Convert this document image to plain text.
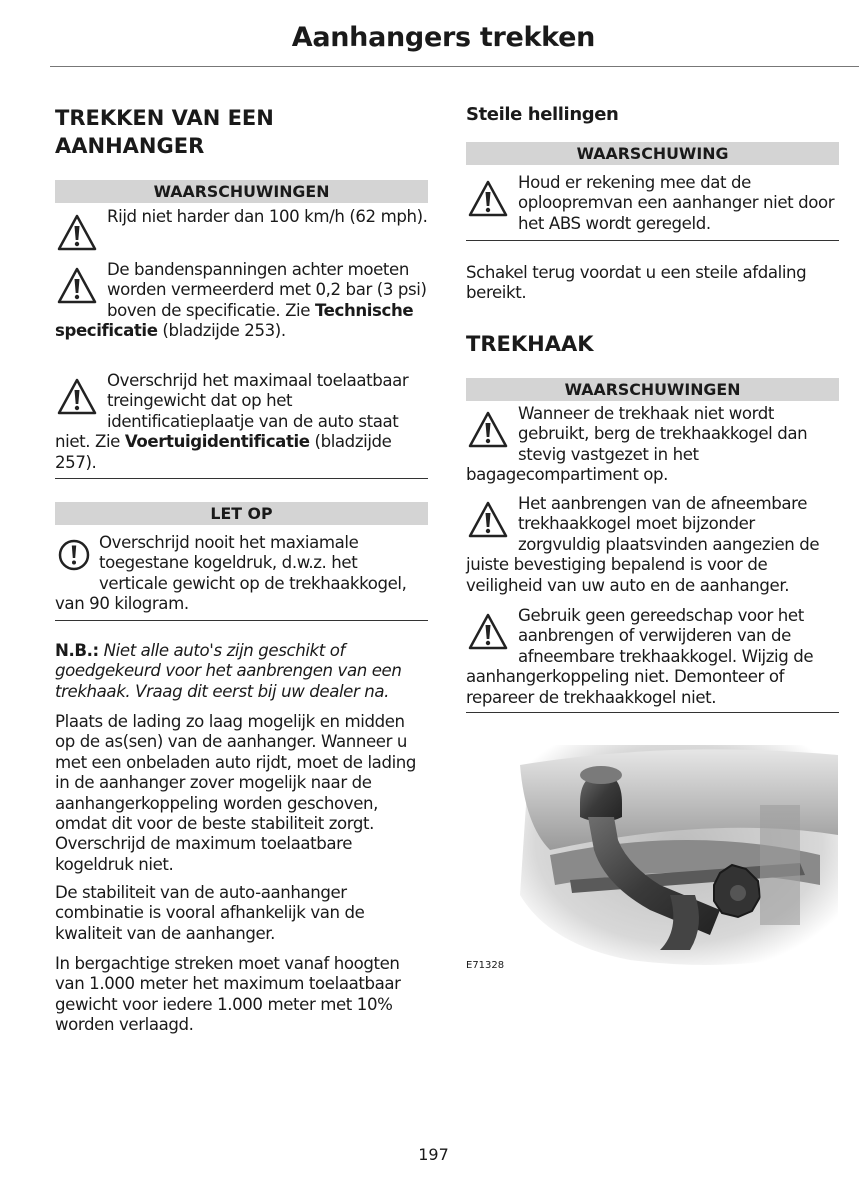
Aanhangers trekken
TREKKEN VAN EEN
AANHANGER
WAARSCHUWINGEN
Rijd niet harder dan 100 km/h (62 mph).
De bandenspanningen achter moeten worden vermeerderd met 0,2 bar (3 psi) boven de specificatie. Zie Technische specificatie (bladzijde 253).
Overschrijd het maximaal toelaatbaar treingewicht dat op het identificatieplaatje van de auto staat niet. Zie Voertuigidentificatie (bladzijde 257).
LET OP
Overschrijd nooit het maxiamale toegestane kogeldruk, d.w.z. het verticale gewicht op de trekhaakkogel, van 90 kilogram.
N.B.: Niet alle auto's zijn geschikt of goedgekeurd voor het aanbrengen van een trekhaak. Vraag dit eerst bij uw dealer na.
Plaats de lading zo laag mogelijk en midden op de as(sen) van de aanhanger. Wanneer u met een onbeladen auto rijdt, moet de lading in de aanhanger zover mogelijk naar de aanhangerkoppeling worden geschoven, omdat dit voor de beste stabiliteit zorgt. Overschrijd de maximum toelaatbare kogeldruk niet.
De stabiliteit van de auto-aanhanger combinatie is vooral afhankelijk van de kwaliteit van de aanhanger.
In bergachtige streken moet vanaf hoogten van 1.000 meter het maximum toelaatbaar gewicht voor iedere 1.000 meter met 10% worden verlaagd.
Steile hellingen
WAARSCHUWING
Houd er rekening mee dat de oploopremvan een aanhanger niet door het ABS wordt geregeld.
Schakel terug voordat u een steile afdaling bereikt.
TREKHAAK
WAARSCHUWINGEN
Wanneer de trekhaak niet wordt gebruikt, berg de trekhaakkogel dan stevig vastgezet in het bagagecompartiment op.
Het aanbrengen van de afneembare trekhaakkogel moet bijzonder zorgvuldig plaatsvinden aangezien de juiste bevestiging bepalend is voor de veiligheid van uw auto en de aanhanger.
Gebruik geen gereedschap voor het aanbrengen of verwijderen van de afneembare trekhaakkogel. Wijzig de aanhangerkoppeling niet. Demonteer of repareer de trekhaakkogel niet.
E71328
197
